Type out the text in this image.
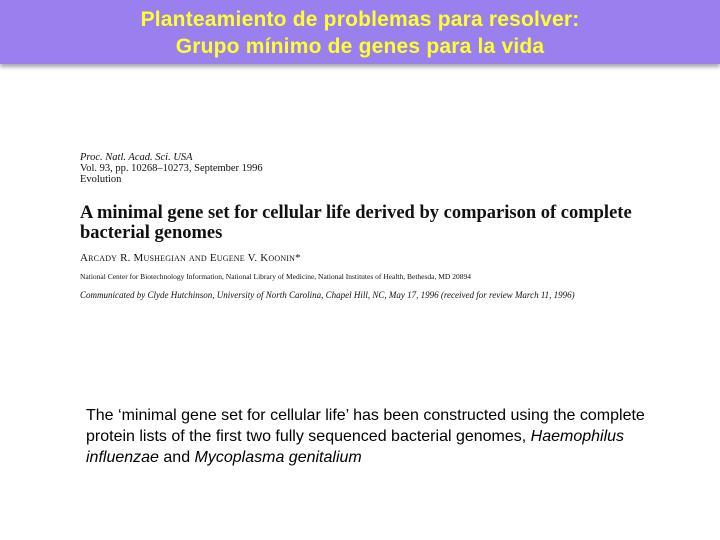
Planteamiento de problemas para resolver:
Grupo mínimo de genes para la vida

Proc. Natl. Acad. Sci. USA

Vol. 93, pp. 10268–10273, September 1996

Evolution

A minimal gene set for cellular life derived by comparison of complete bacterial genomes

Arcady R. Mushegian and Eugene V. Koonin*

National Center for Biotechnology Information, National Library of Medicine, National Institutes of Health, Bethesda, MD 20894

Communicated by Clyde Hutchinson, University of North Carolina, Chapel Hill, NC, May 17, 1996 (received for review March 11, 1996)

The ‘minimal gene set for cellular life’ has been constructed using the complete protein lists of the first two fully sequenced bacterial genomes, Haemophilus influenzae and Mycoplasma genitalium
